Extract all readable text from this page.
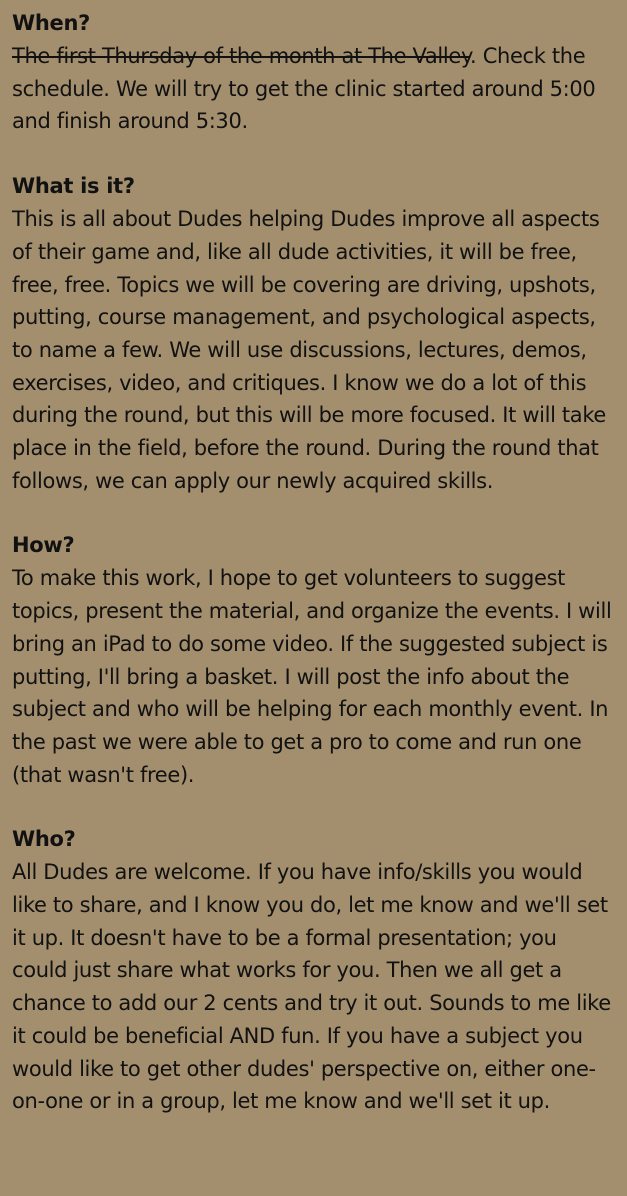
When?

The first Thursday of the month at The Valley. Check the schedule. We will try to get the clinic started around 5:00 and finish around 5:30.

What is it?

This is all about Dudes helping Dudes improve all aspects of their game and, like all dude activities, it will be free, free, free. Topics we will be covering are driving, upshots, putting, course management, and psychological aspects, to name a few. We will use discussions, lectures, demos, exercises, video, and critiques. I know we do a lot of this during the round, but this will be more focused. It will take place in the field, before the round. During the round that follows, we can apply our newly acquired skills.

How?

To make this work, I hope to get volunteers to suggest topics, present the material, and organize the events. I will bring an iPad to do some video. If the suggested subject is putting, I'll bring a basket. I will post the info about the subject and who will be helping for each monthly event. In the past we were able to get a pro to come and run one (that wasn't free).

Who?

All Dudes are welcome. If you have info/skills you would like to share, and I know you do, let me know and we'll set it up. It doesn't have to be a formal presentation; you could just share what works for you. Then we all get a chance to add our 2 cents and try it out. Sounds to me like it could be beneficial AND fun. If you have a subject you would like to get other dudes' perspective on, either one-on-one or in a group, let me know and we'll set it up.
